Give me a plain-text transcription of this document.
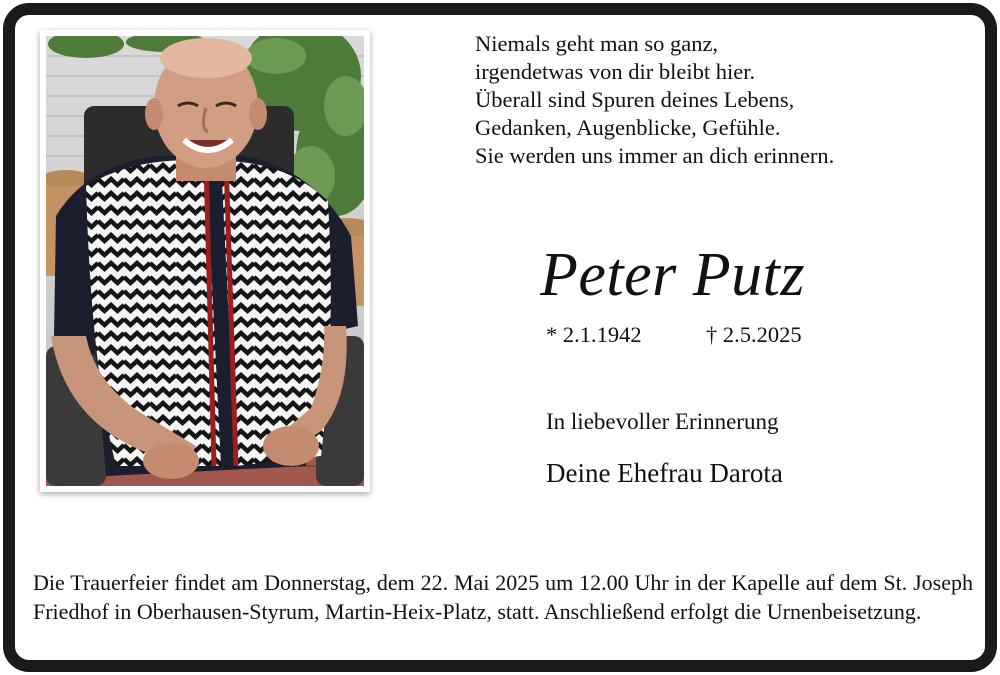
Niemals geht man so ganz,
irgendetwas von dir bleibt hier.
Überall sind Spuren deines Lebens,
Gedanken, Augenblicke, Gefühle.
Sie werden uns immer an dich erinnern.
Peter Putz
* 2.1.1942	† 2.5.2025
In liebevoller Erinnerung
Deine Ehefrau Darota
Die Trauerfeier findet am Donnerstag, dem 22. Mai 2025 um 12.00 Uhr in der Kapelle auf dem St. Joseph Friedhof in Oberhausen-Styrum, Martin-Heix-Platz, statt. Anschließend erfolgt die Urnenbeisetzung.
